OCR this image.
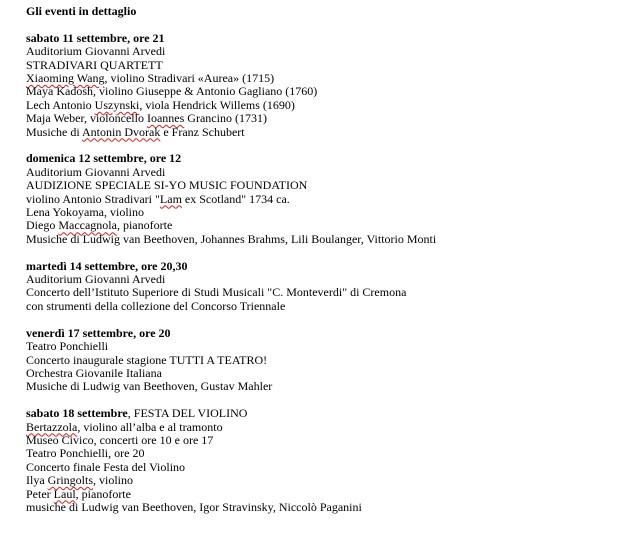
Gli eventi in dettaglio
sabato 11 settembre, ore 21
Auditorium Giovanni Arvedi
STRADIVARI QUARTETT
Xiaoming Wang, violino Stradivari «Aurea» (1715)
Maya Kadosh, violino Giuseppe & Antonio Gagliano (1760)
Lech Antonio Uszynski, viola Hendrick Willems (1690)
Maja Weber, violoncello Ioannes Grancino (1731)
Musiche di Antonin Dvorak e Franz Schubert
domenica 12 settembre, ore 12
Auditorium Giovanni Arvedi
AUDIZIONE SPECIALE SI-YO MUSIC FOUNDATION
violino Antonio Stradivari "Lam ex Scotland" 1734 ca.
Lena Yokoyama, violino
Diego Maccagnola, pianoforte
Musiche di Ludwig van Beethoven, Johannes Brahms, Lili Boulanger, Vittorio Monti
martedì 14 settembre, ore 20,30
Auditorium Giovanni Arvedi
Concerto dell’Istituto Superiore di Studi Musicali "C. Monteverdi" di Cremona
con strumenti della collezione del Concorso Triennale
venerdì 17 settembre, ore 20
Teatro Ponchielli
Concerto inaugurale stagione TUTTI A TEATRO!
Orchestra Giovanile Italiana
Musiche di Ludwig van Beethoven, Gustav Mahler
sabato 18 settembre, FESTA DEL VIOLINO
Bertazzola, violino all’alba e al tramonto
Museo Civico, concerti ore 10 e ore 17
Teatro Ponchielli, ore 20
Concerto finale Festa del Violino
Ilya Gringolts, violino
Peter Laul, pianoforte
musiche di Ludwig van Beethoven, Igor Stravinsky, Niccolò Paganini
